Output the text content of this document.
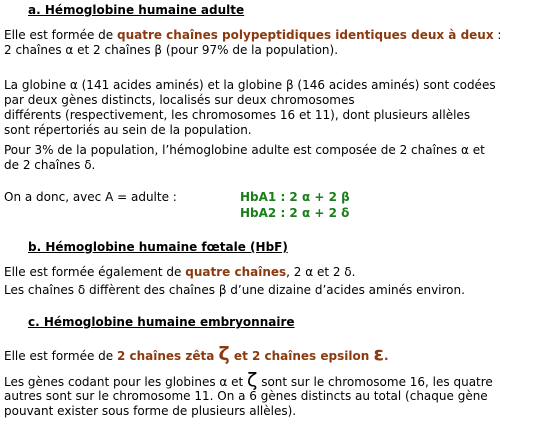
a. Hémoglobine humaine adulte
Elle est formée de quatre chaînes polypeptidiques identiques deux à deux :
2 chaînes α et 2 chaînes β (pour 97% de la population).
La globine α (141 acides aminés) et la globine β (146 acides aminés) sont codées
par deux gènes distincts, localisés sur deux chromosomes
différents (respectivement, les chromosomes 16 et 11), dont plusieurs allèles
sont répertoriés au sein de la population.
Pour 3% de la population, l’hémoglobine adulte est composée de 2 chaînes α et
de 2 chaînes δ.
On a donc, avec A = adulte :	HbA1 : 2 α + 2 β
HbA2 : 2 α + 2 δ
b. Hémoglobine humaine fœtale (HbF)
Elle est formée également de quatre chaînes, 2 α et 2 δ.
Les chaînes δ diffèrent des chaînes β d’une dizaine d’acides aminés environ.
c. Hémoglobine humaine embryonnaire
Elle est formée de 2 chaînes zêta ζ et 2 chaînes epsilon ε.
Les gènes codant pour les globines α et ζ sont sur le chromosome 16, les quatre
autres sont sur le chromosome 11. On a 6 gènes distincts au total (chaque gène
pouvant exister sous forme de plusieurs allèles).
